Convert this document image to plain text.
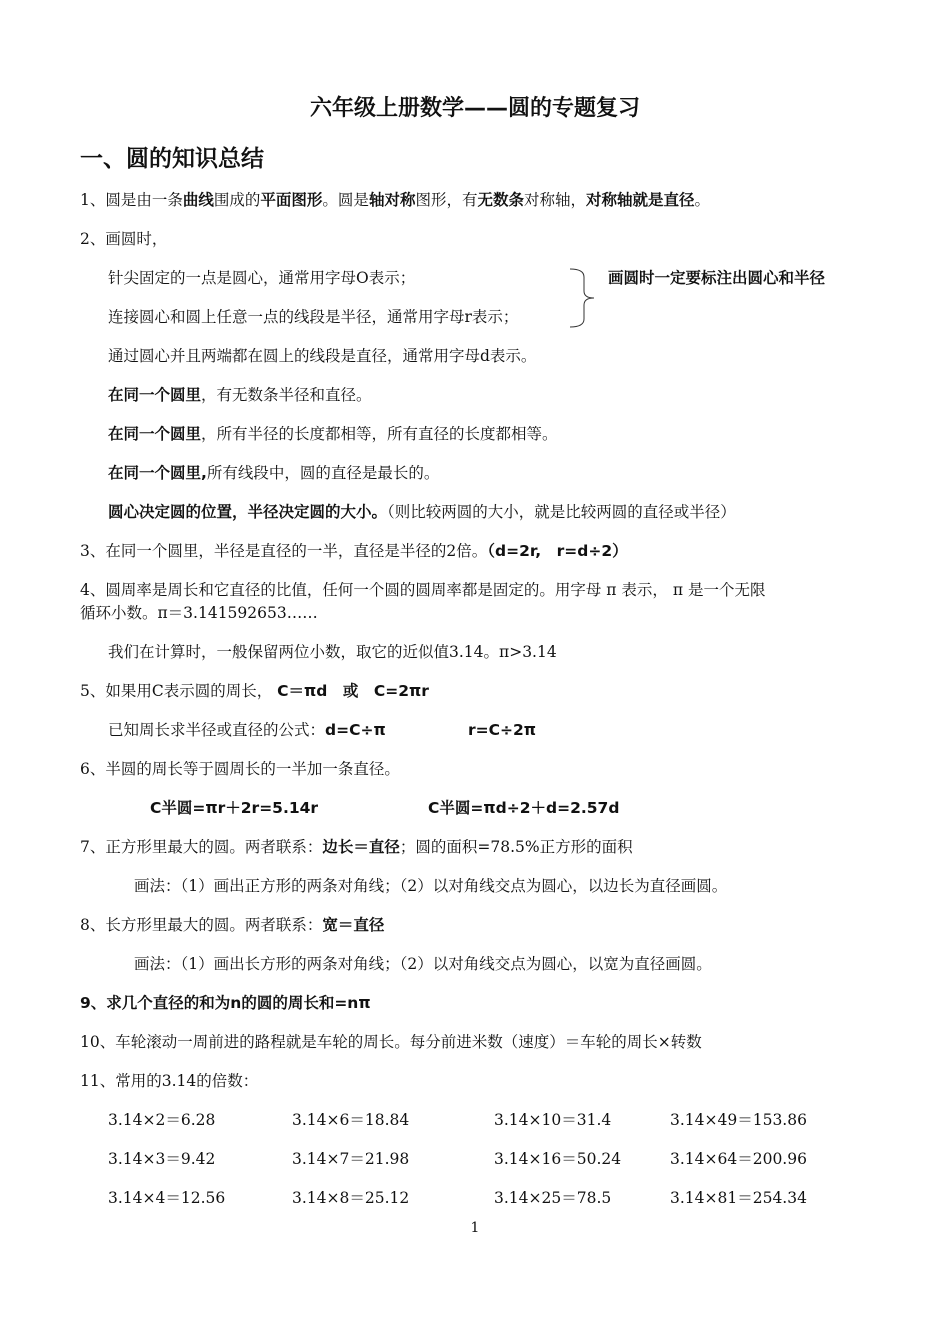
六年级上册数学——圆的专题复习
一、圆的知识总结
1、圆是由一条曲线围成的平面图形。圆是轴对称图形，有无数条对称轴，对称轴就是直径。
2、画圆时，
针尖固定的一点是圆心，通常用字母O表示；
连接圆心和圆上任意一点的线段是半径，通常用字母r表示；
画圆时一定要标注出圆心和半径
通过圆心并且两端都在圆上的线段是直径，通常用字母d表示。
在同一个圆里，有无数条半径和直径。
在同一个圆里，所有半径的长度都相等，所有直径的长度都相等。
在同一个圆里,所有线段中，圆的直径是最长的。
圆心决定圆的位置，半径决定圆的大小。（则比较两圆的大小，就是比较两圆的直径或半径）
3、在同一个圆里，半径是直径的一半，直径是半径的2倍。（d=2r,　r=d÷2）
4、圆周率是周长和它直径的比值，任何一个圆的圆周率都是固定的。用字母 π 表示， π 是一个无限
循环小数。π＝3.141592653……
我们在计算时，一般保留两位小数，取它的近似值3.14。π>3.14
5、如果用C表示圆的周长， C＝πd　或　C=2πr
已知周长求半径或直径的公式：d=C÷π	r=C÷2π
6、半圆的周长等于圆周长的一半加一条直径。
C半圆=πr＋2r=5.14r	C半圆=πd÷2＋d=2.57d
7、正方形里最大的圆。两者联系：边长＝直径；圆的面积=78.5%正方形的面积
画法：（1）画出正方形的两条对角线；（2）以对角线交点为圆心，以边长为直径画圆。
8、长方形里最大的圆。两者联系：宽＝直径
画法：（1）画出长方形的两条对角线；（2）以对角线交点为圆心，以宽为直径画圆。
9、求几个直径的和为n的圆的周长和=nπ
10、车轮滚动一周前进的路程就是车轮的周长。每分前进米数（速度）＝车轮的周长×转数
11、常用的3.14的倍数：
3.14×2＝6.28	3.14×6＝18.84	3.14×10＝31.4	3.14×49＝153.86
3.14×3＝9.42	3.14×7＝21.98	3.14×16＝50.24	3.14×64＝200.96
3.14×4＝12.56	3.14×8＝25.12	3.14×25＝78.5	3.14×81＝254.34
1
